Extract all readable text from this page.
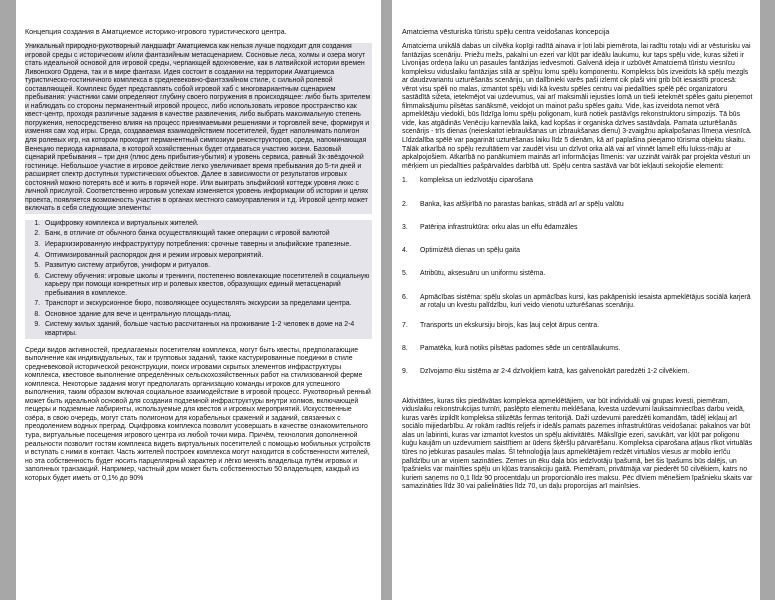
Концепция создания в Аматциемсе историко-игрового туристического центра.
Уникальный природно-рукотворный ландшафт Аматциемса как нельзя лучше подходит для создания игровой среды с историческим и/или фантазийным метасценарием. Сосновые леса, холмы и озера могут стать идеальной основой для игровой среды, черпающей вдохновение, как в латвийской истории времен Ливонского Ордена, так и в мире фантази. Идея состоит в создании на территории Аматциемса туристическо-гостиничного комплекса в средневековно-фантэзийном стиле, с сильной ролевой составляющей. Комплекс будет представлять собой игровой хаб с многовариантным сценарием пребывания: участники сами определяют глубину своего погружения в происходящее: либо быть зрителем и наблюдать со стороны перманентный игровой процесс, либо использовать игровое пространство как квест-центр, проходя различные задания в качестве развлечения, либо выбрать максимальную степень погружения, непосредственно влияя на процесс принимаемыми решениями и торговлей вече, формируя и изменяя сам ход игры. Среда, создаваемая взаимодействием посетителей, будет наполнимать полигон для ролевых игр, на котором проходит перманентный симпозиум реконструкторов, среда, напоминающая Венецию периода карнавала, в которой хозяйственных будет отдаваться участию жизни. Базовый сценарий пребывания – три дня (плюс день прибытия-убытия) и уровень сервиса, равный 3х-звёздочной гостинице. Небольшое участие в игровое действие легко увеличивает время пребывания до 5-ти дней и расширяет спектр доступных туристических объектов. Далее в зависимости от результатов игровых состояний можно потерять всё и жить в горячей норе. Или выиграть эльфийский коттедж уровня люкс с личной прислугой. Соответственно игровым успехам изменяется уровень информации об истории и целях проекта, появляется возможность участия в органах местного самоуправления и т.д. Игровой центр может включать в себя следующие элементы:
1. Ощифровку комплекса и виртуальных жителей.
2. Банк, в отличие от обычного банка осуществляющий также операции с игровой валютой
3. Иерархизированную инфраструктуру потребления: срочные таверны и эльфийские трапезные.
4. Оптимизированный распорядок дня и режим игровых мероприятий.
5. Развитую систему атрибутов, униформ и ритуалов.
6. Систему обучения: игровые школы и тренинги, постепенно вовлекающие посетителей в социальную карьеру при помощи конкретных игр и ролевых квестов, образующих единый метасценарий пребывания в комплексе.
7. Транспорт и экскурсионное бюро, позволяющее осуществлять экскурсии за пределами центра.
8. Основное здание для вече и центральную площадь-плац.
9. Систему жилых зданий, больше частью рассчитанных на проживание 1-2 человек в доме на 2-4 квартиры.
Среди видов активностей, предлагаемых посетителям комплекса, могут быть квесты, предполагающие выполнение как индивидуальных, так и групповых заданий, также кастурированные поединки в стиле средневековой исторической реконструкции, поиск игровами скрытых элементов инфраструктуры комплекса, квестовое выполнение определённых сельскохозяйственных работ на стилизованной ферме комплекса. Некоторые задания могут предполагать организацию команды игроков для успешного выполнения, таким образом включая социальное взаимодействие в игровой процесс. Рукотворный ренный может быть идеальной основой для создания подземной инфраструктуры внутри холмов, включающей пещеры и подземные лабиринты, используемые для квестов и игровых мероприятий. Искусственные озёра, в свою очередь, могут стать полигоном для корабельных сражений и заданий, связанных с преодолением водных преград. Оцифровка комплекса позволит усовершать в качестве ознакомительного тура, виртуальные посещения игрового центра из любой точки мира. Причём, технология дополненной реальности позволит гостям комплекса видеть виртуальных посетителей с помощью мобильных устройств и вступать с ними в контакт. Часть жителей построек комплекса могут находится в собственности жителей, но эта собственность будет носить парцеллярный характер и лёгко менять владельца путём игровых и заполнных транзакций. Например, частный дом может быть собственностью 50 владельцев, каждый из которых будет иметь от 0,1% до 90%
Amatciema vēsturiska tūristu spēļu centra veidošanas koncepcija
Amatciema unikālā dabas un cilvēka kopīgi radītā ainava ir ļoti labi piemērota, lai radītu rotaļu vidi ar vēsturisku vai fantāzijas scenāriju. Priežu mežs, pakalni un ezeri var kļūt par ideālu laukumu, kur taps spēļu vide, kuras sižeti ir Livonijas ordeņa laiku un pasaules fantāzijas iedvesmoti. Galvenā ideja ir uzbūvēt Amatciemā tūristu viesnīcu kompleksu viduslaiku fantāzijas stilā ar spēļņu lomu spēļu komponentu. Komplekss būs izveidots kā spēļu mezgls ar daudzvariantu uzturēšanās scenāriju, un dalībnieki varēs paši izlemt cik plaši vini grib būt iesaistīti procesā: vērot visu spēli no malas, izmantot spēļu vidi kā kvestu spēles centru vai piedalīties spēlē pēc organizatoru sastādītā sižeta, ietekmējot vai uzdevumus, vai arī maksimāli iejusties lomā un tieši ietekmēt spēles gaitu pieņemot filmmaksājumu pilsētas sanāksmē, veidojot un mainot pašu spēles gaitu. Vide, kas izveidota nemot vērā apmeklētāju viedokli, būs līdzīga lomu spēļu poligonam, kurā notiek pastāvīgs rekonstruktoru simpozijs. Tā būs vide, kas atgādinās Venēciju karnevāla laikā, kad kopšas ir organiska dzīves sastāvdaļa. Pamata uzturēšanās scenārijs - trīs dienas (neieskaitot iebraukšanas un izbraukšanas dienu) 3-zvaigžņu apkalpošanas līmeņa viesnīcā. Līdzdalība spēlē var pagarināt uzturēšanas laiku līdz 5 dienām, kā arī paplašina pieejamo tūrisma objektu skaitu. Tālāk atkarībā no spēļu rezultātiem var zaudēt visu un dzīvot orka alā vai arī vinnēt lamelī elfu lukss-māju ar apkalpojošiem. Atkarībā no panākumiem mainās arī informācijas līmenis: var uzzināt vairāk par projekta vēsturi un mērķiem un piedalīties pašpārvaldes darbībā utt. Spēļu centra sastāvā var būt iekļauti sekojošie elementi:
1.	kompleksa un iedzīvotāju ciparošana
2.	Banka, kas atšķirībā no parastas bankas, strādā arī ar spēļu valūtu
3.	Patēriņa infrastruktūra: orku alas un elfu ēdamzāles
4.	Optimizētā dienas un spēļu gaita
5.	Atribūtu, aksesuāru un uniformu sistēma.
6.	Apmācības sistēma: spēļu skolas un apmācības kursi, kas pakāpeniski iesaista apmeklētājus sociālā karjerā ar rotaļu un kvestu palīdzību, kuri veido vienotu uzturēšanas scenāriju.
7.	Transports un ekskursiju birojs, kas ļauj ceļot ārpus centra.
8.	Pamatēka, kurā notiks pilsētas padomes sēde un centrāllaukums.
9.	Dzīvojamo ēku sistēma ar 2-4 dzīvokļiem katrā, kas galvenokārt paredzēti 1-2 cilvēkiem.
Aktivitātes, kuras tiks piedāvātas kompleksa apmeklētājiem, var būt individuāli vai grupas kvesti, piemēram, viduslaiku rekonstrukcijas turnīri, paslēpto elementu meklēšana, kvesta uzdevumi lauksaimniecības darbu veidā, kuras varēs izpildīt kompleksa stilizētās fermas teritorijā. Daži uzdevumi paredzēti komandām, tādēļ iekļauj arī sociālo mijiedarbību. Ar rokām radītis reljefs ir ideāls pamats pazemes infrastruktūras veidošanai: pakalnos var būt alas un labirinti, kuras var izmantot kvestos un spēļu aktivitātēs. Mākslīgie ezeri, savukārt, var kļūt par poligonu kuģu kaujām un uzdevumiem saistītiem ar ūdens šķēršļu pārvarēšanu. Kompleksa ciparošana atļaus rīkot virtuālās tūres no jebkuras pasaules malas. Šī tehnoloģija ļaus apmeklētājiem redzēt virtuālos viesus ar mobilo ierīču palīdzību un ar viņiem sazināties. Zemes un ēku daļa būs iedzīvotāju īpašumā, bet šis īpašums būs dalējs, un īpašnieks var mainīties spēļu un kļūas transakciju gaitā. Piemēram, privātmāja var piederēt 50 cilvēkiem, katrs no kuriem saņems no 0,1 līdz 90 procentdaļu un proporcionālo ires maksu. Pēc dīviem mēnešiem īpašnieku skaits var samazināties līdz 30 vai palielināties līdz 70, un daļu proporcijas arī mainīsies.
